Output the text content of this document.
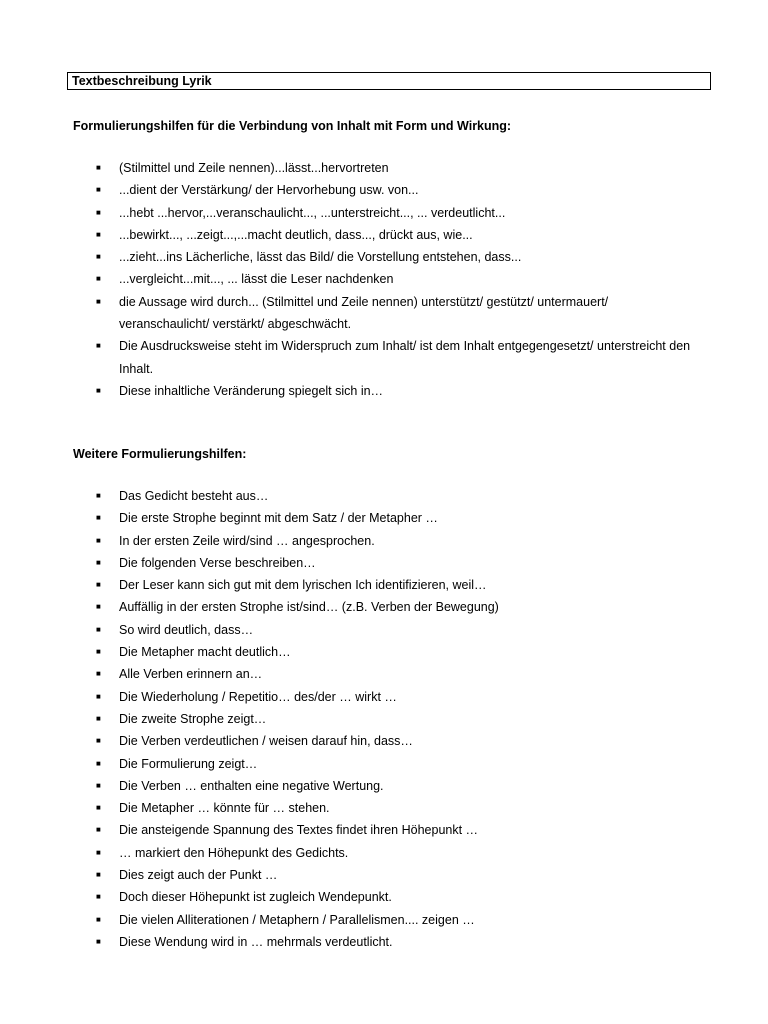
Textbeschreibung Lyrik
Formulierungshilfen für die Verbindung von Inhalt mit Form und Wirkung:
■ (Stilmittel und Zeile nennen)...lässt...hervortreten
■ ...dient der Verstärkung/ der Hervorhebung usw. von...
■ ...hebt ...hervor,...veranschaulicht..., ...unterstreicht..., ... verdeutlicht...
■ ...bewirkt..., ...zeigt...,...macht deutlich, dass..., drückt aus, wie...
■ ...zieht...ins Lächerliche, lässt das Bild/ die Vorstellung entstehen, dass...
■ ...vergleicht...mit..., ... lässt die Leser nachdenken
■ die Aussage wird durch... (Stilmittel und Zeile nennen) unterstützt/ gestützt/ untermauert/ veranschaulicht/ verstärkt/ abgeschwächt.
■ Die Ausdrucksweise steht im Widerspruch zum Inhalt/ ist dem Inhalt entgegengesetzt/ unterstreicht den Inhalt.
■ Diese inhaltliche Veränderung spiegelt sich in…
Weitere Formulierungshilfen:
■ Das Gedicht besteht aus…
■ Die erste Strophe beginnt mit dem Satz / der Metapher …
■ In der ersten Zeile wird/sind … angesprochen.
■ Die folgenden Verse beschreiben…
■ Der Leser kann sich gut mit dem lyrischen Ich identifizieren, weil…
■ Auffällig in der ersten Strophe ist/sind… (z.B. Verben der Bewegung)
■ So wird deutlich, dass…
■ Die Metapher macht deutlich…
■ Alle Verben erinnern an…
■ Die Wiederholung / Repetitio… des/der … wirkt …
■ Die zweite Strophe zeigt…
■ Die Verben verdeutlichen / weisen darauf hin, dass…
■ Die Formulierung zeigt…
■ Die Verben … enthalten eine negative Wertung.
■ Die Metapher … könnte für … stehen.
■ Die ansteigende Spannung des Textes findet ihren Höhepunkt …
■ … markiert den Höhepunkt des Gedichts.
■ Dies zeigt auch der Punkt …
■ Doch dieser Höhepunkt ist zugleich Wendepunkt.
■ Die vielen Alliterationen / Metaphern / Parallelismen.... zeigen …
■ Diese Wendung wird in … mehrmals verdeutlicht.
